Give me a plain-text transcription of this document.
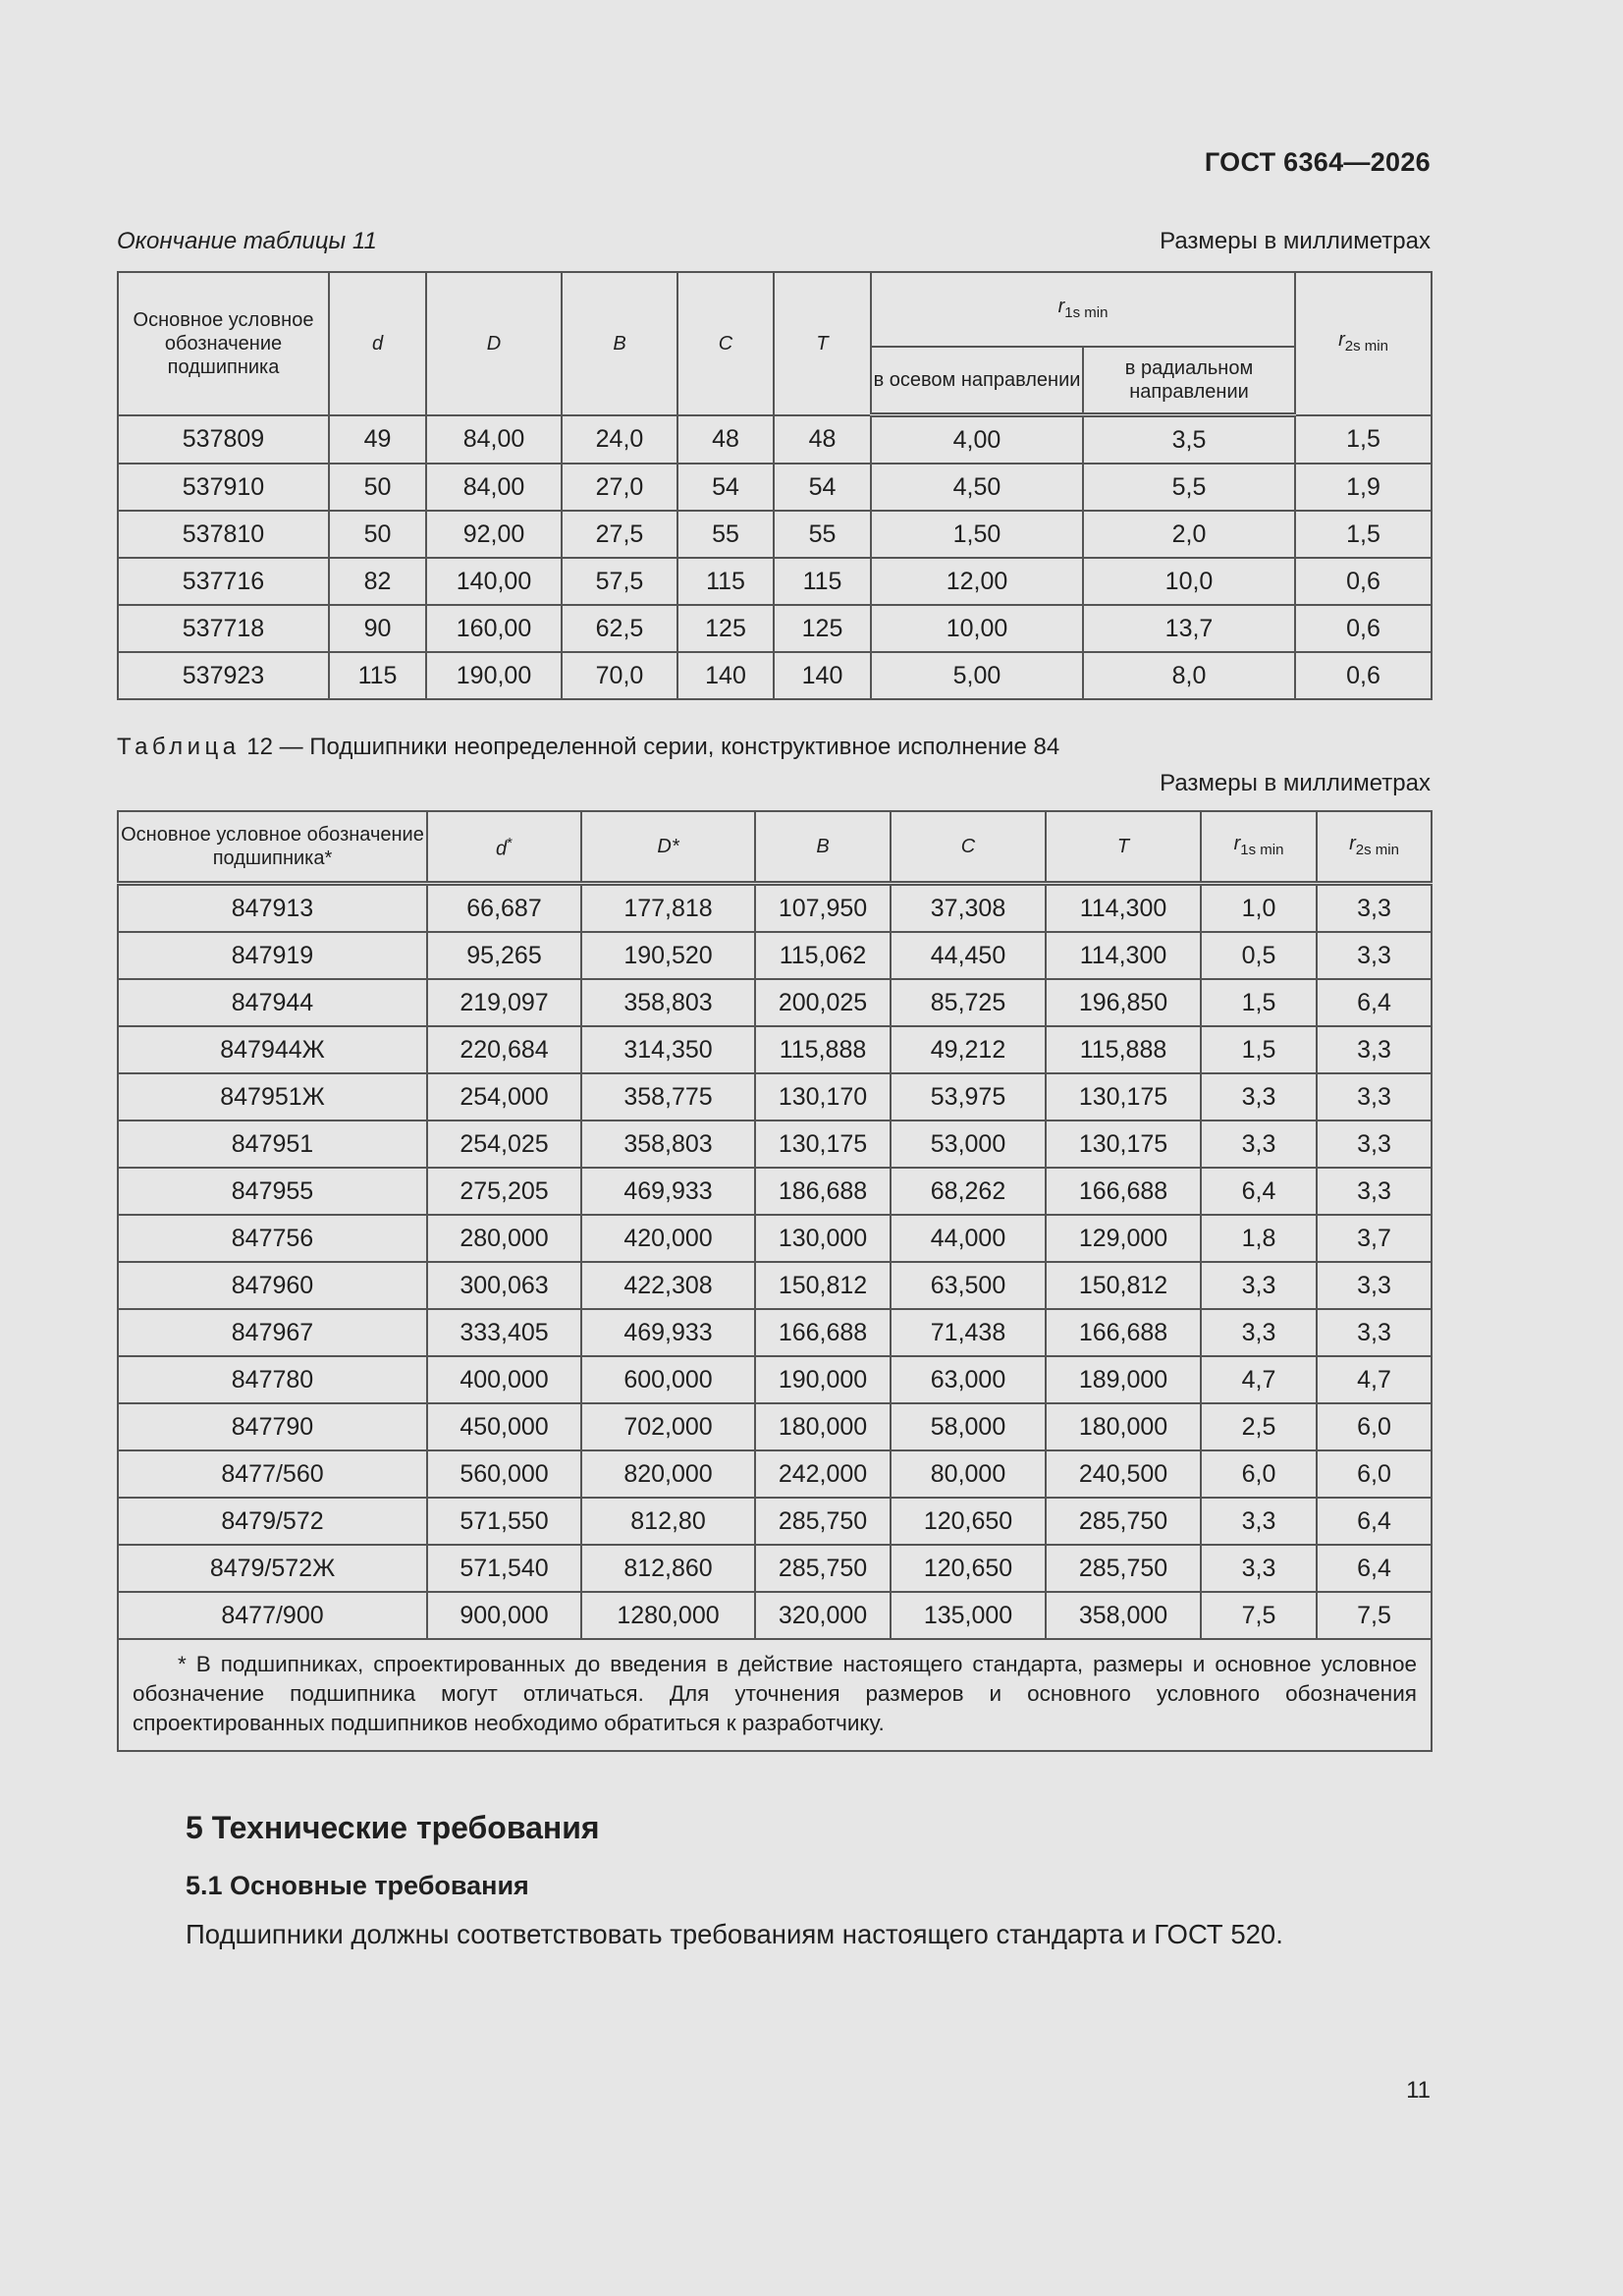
ГОСТ 6364—2026
Окончание таблицы 11	Размеры в миллиметрах
Основное условное обозначение подшипника	d	D	B	C	T	$r_{1s min}$		$r_{2s min}$
						в осевом направлении	в радиальном направлении	
537809	49	84,00	24,0	48	48	4,00	3,5	1,5
537910	50	84,00	27,0	54	54	4,50	5,5	1,9
537810	50	92,00	27,5	55	55	1,50	2,0	1,5
537716	82	140,00	57,5	115	115	12,00	10,0	0,6
537718	90	160,00	62,5	125	125	10,00	13,7	0,6
537923	115	190,00	70,0	140	140	5,00	8,0	0,6
Таблица 12 — Подшипники неопределенной серии, конструктивное исполнение 84
Размеры в миллиметрах
Основное условное обозначение подшипника*	d*	D*	B	C	T	$r_{1s min}$	$r_{2s min}$
847913	66,687	177,818	107,950	37,308	114,300	1,0	3,3
847919	95,265	190,520	115,062	44,450	114,300	0,5	3,3
847944	219,097	358,803	200,025	85,725	196,850	1,5	6,4
847944Ж	220,684	314,350	115,888	49,212	115,888	1,5	3,3
847951Ж	254,000	358,775	130,170	53,975	130,175	3,3	3,3
847951	254,025	358,803	130,175	53,000	130,175	3,3	3,3
847955	275,205	469,933	186,688	68,262	166,688	6,4	3,3
847756	280,000	420,000	130,000	44,000	129,000	1,8	3,7
847960	300,063	422,308	150,812	63,500	150,812	3,3	3,3
847967	333,405	469,933	166,688	71,438	166,688	3,3	3,3
847780	400,000	600,000	190,000	63,000	189,000	4,7	4,7
847790	450,000	702,000	180,000	58,000	180,000	2,5	6,0
8477/560	560,000	820,000	242,000	80,000	240,500	6,0	6,0
8479/572	571,550	812,80	285,750	120,650	285,750	3,3	6,4
8479/572Ж	571,540	812,860	285,750	120,650	285,750	3,3	6,4
8477/900	900,000	1280,000	320,000	135,000	358,000	7,5	7,5
* В подшипниках, спроектированных до введения в действие настоящего стандарта, размеры и основное условное обозначение подшипника могут отличаться. Для уточнения размеров и основного условного обозначения спроектированных подшипников необходимо обратиться к разработчику.							
5 Технические требования
5.1 Основные требования
Подшипники должны соответствовать требованиям настоящего стандарта и ГОСТ 520.
11
